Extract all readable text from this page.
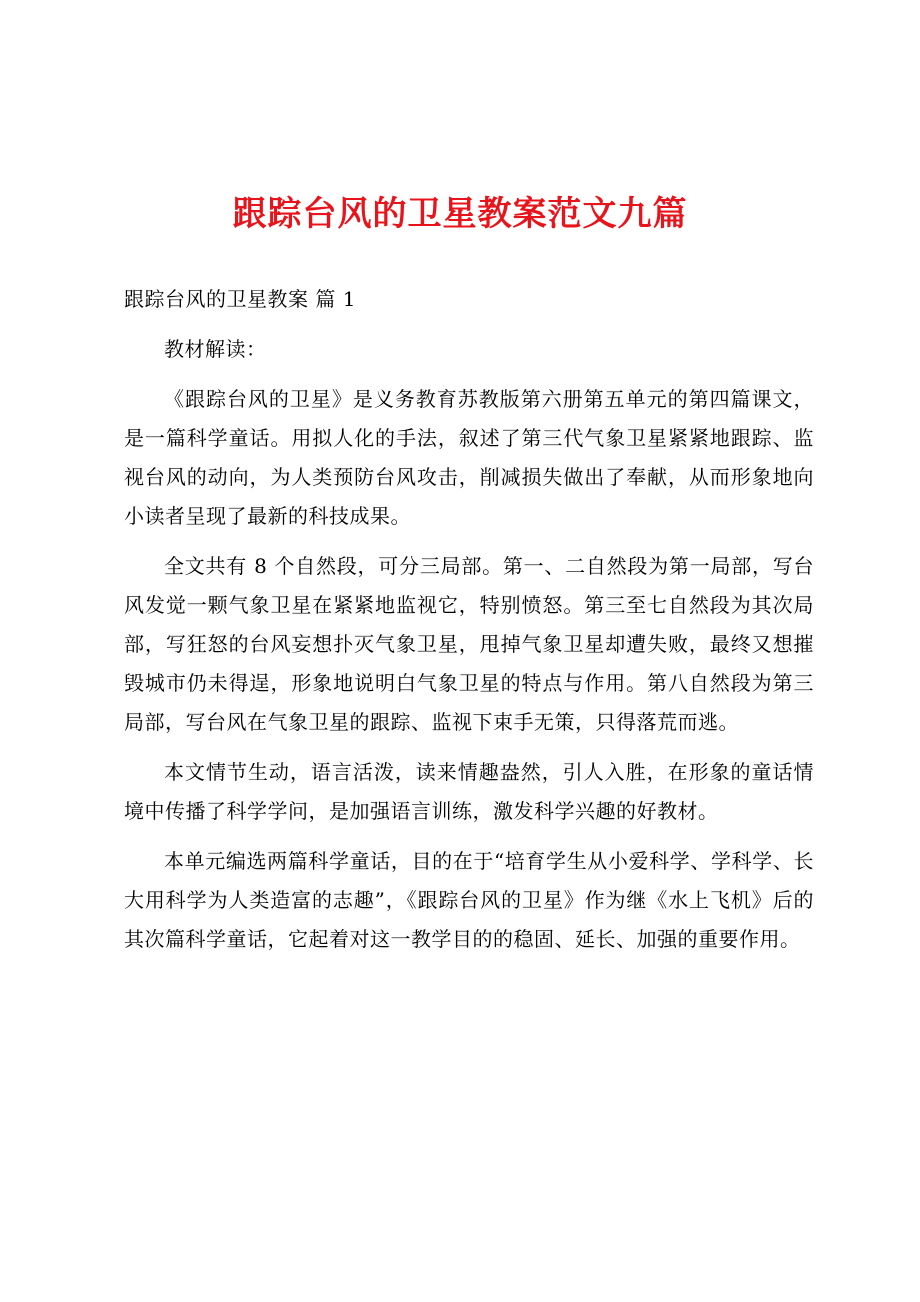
跟踪台风的卫星教案范文九篇

跟踪台风的卫星教案 篇 1

教材解读：

《跟踪台风的卫星》是义务教育苏教版第六册第五单元的第四篇课文，是一篇科学童话。用拟人化的手法，叙述了第三代气象卫星紧紧地跟踪、监视台风的动向，为人类预防台风攻击，削减损失做出了奉献，从而形象地向小读者呈现了最新的科技成果。

全文共有 8 个自然段，可分三局部。第一、二自然段为第一局部，写台风发觉一颗气象卫星在紧紧地监视它，特别愤怒。第三至七自然段为其次局部，写狂怒的台风妄想扑灭气象卫星，甩掉气象卫星却遭失败，最终又想摧毁城市仍未得逞，形象地说明白气象卫星的特点与作用。第八自然段为第三局部，写台风在气象卫星的跟踪、监视下束手无策，只得落荒而逃。

本文情节生动，语言活泼，读来情趣盎然，引人入胜，在形象的童话情境中传播了科学学问，是加强语言训练，激发科学兴趣的好教材。

本单元编选两篇科学童话，目的在于“培育学生从小爱科学、学科学、长大用科学为人类造富的志趣”，《跟踪台风的卫星》作为继《水上飞机》后的其次篇科学童话，它起着对这一教学目的的稳固、延长、加强的重要作用。
